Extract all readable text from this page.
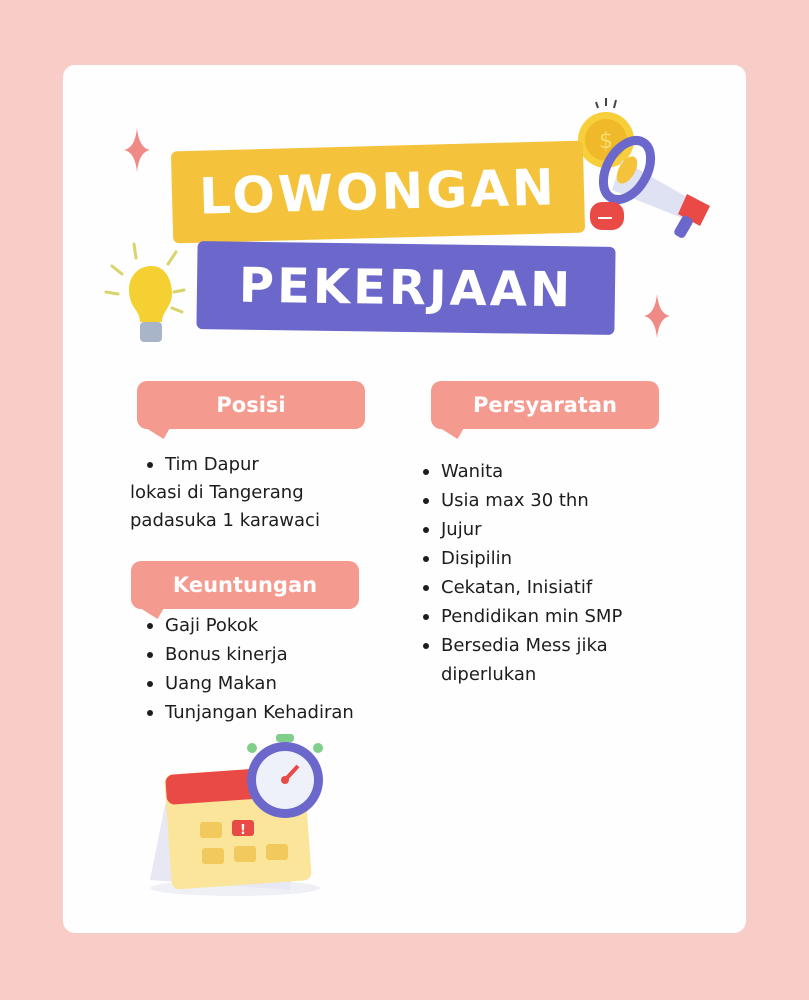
$
LOWONGAN
PEKERJAAN
Posisi
Tim Dapur
lokasi di Tangerang
padasuka 1 karawaci
Keuntungan
Gaji Pokok
Bonus kinerja
Uang Makan
Tunjangan Kehadiran
Persyaratan
Wanita
Usia max 30 thn
Jujur
Disipilin
Cekatan, Inisiatif
Pendidikan min SMP
Bersedia Mess jika diperlukan
!
